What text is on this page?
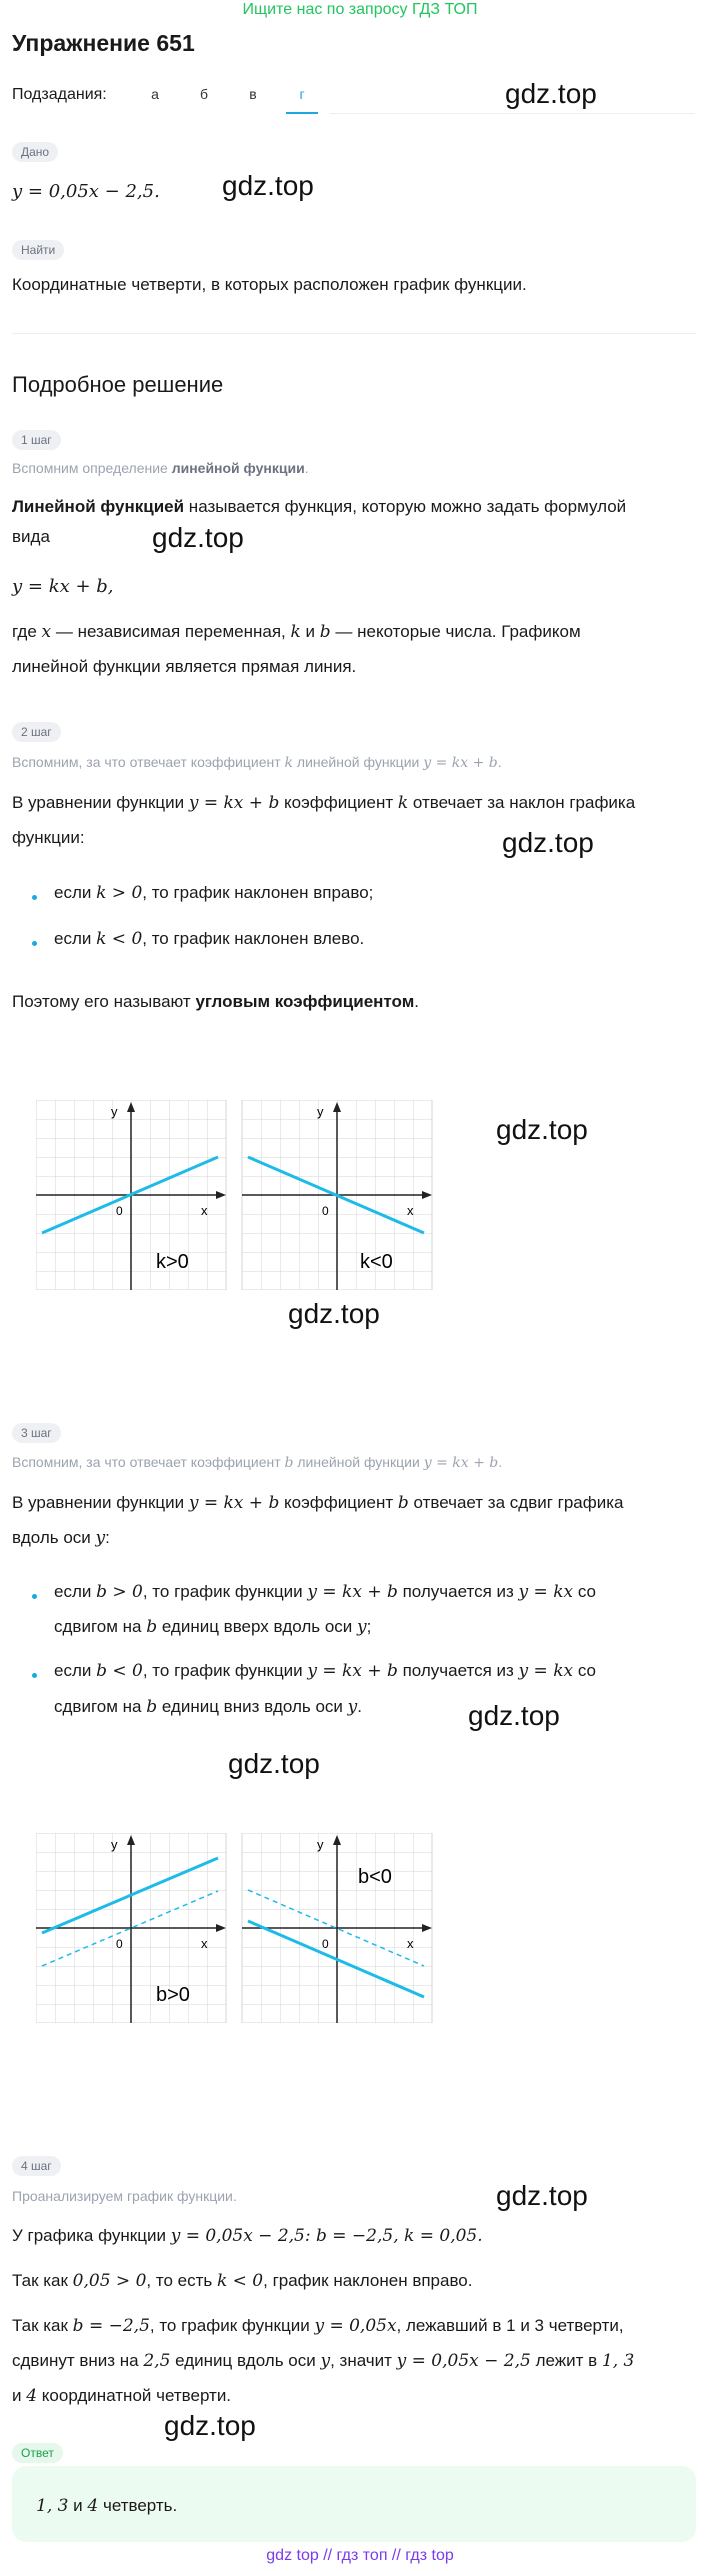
Ищите нас по запросу ГДЗ ТОП
Упражнение 651
Подзадания:	а	б	в	г	gdz.top
Дано
y = 0,05x − 2,5. gdz.top
Найти
Координатные четверти, в которых расположен график функции.
Подробное решение
1 шаг
Вспомним определение линейной функции.
Линейной функцией называется функция, которую можно задать формулой
вида	gdz.top
y = kx + b,
где x — независимая переменная, k и b — некоторые числа. Графиком
линейной функции является прямая линия.
2 шаг
Вспомним, за что отвечает коэффициент k линейной функции y = kx + b.
В уравнении функции y = kx + b коэффициент k отвечает за наклон графика
функции:	gdz.top
если k > 0, то график наклонен вправо;
если k < 0, то график наклонен влево.
Поэтому его называют угловым коэффициентом.
y
x
0
k>0
y
x
0
k<0
gdz.top
gdz.top
3 шаг
Вспомним, за что отвечает коэффициент b линейной функции y = kx + b.
В уравнении функции y = kx + b коэффициент b отвечает за сдвиг графика
вдоль оси y:
если b > 0, то график функции y = kx + b получается из y = kx со
сдвигом на b единиц вверх вдоль оси y;
если b < 0, то график функции y = kx + b получается из y = kx со
сдвигом на b единиц вниз вдоль оси y.	gdz.top
gdz.top
y
x
0
b>0
y
x
0
b<0
4 шаг
Проанализируем график функции.	gdz.top
У графика функции y = 0,05x − 2,5: b = −2,5, k = 0,05.
Так как 0,05 > 0, то есть k < 0, график наклонен вправо.
Так как b = −2,5, то график функции y = 0,05x, лежавший в 1 и 3 четверти,
сдвинут вниз на 2,5 единиц вдоль оси y, значит y = 0,05x − 2,5 лежит в 1, 3
и 4 координатной четверти.
gdz.top
Ответ
1, 3 и 4 четверть.
gdz top // гдз топ // гдз top
